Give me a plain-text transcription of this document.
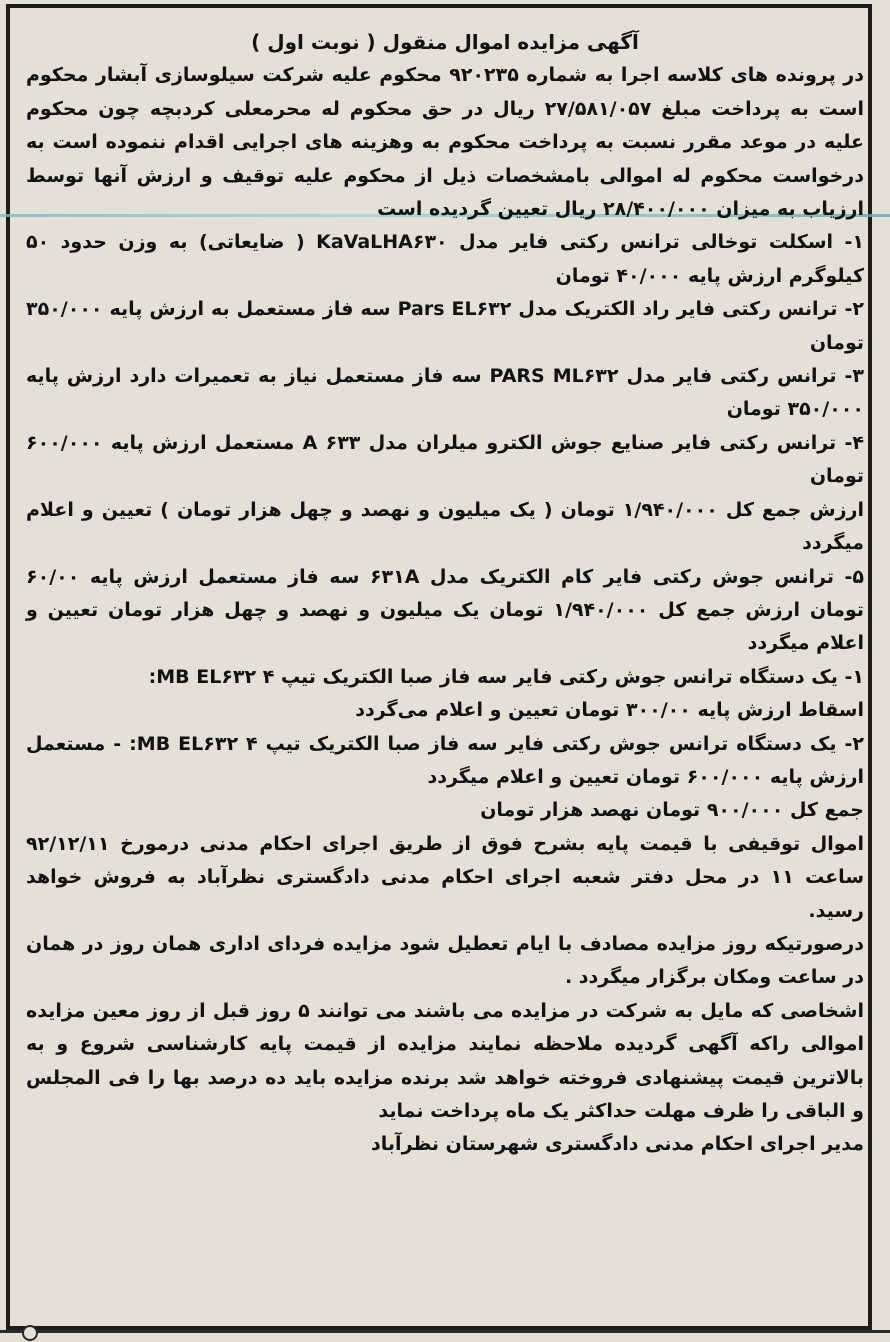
آگهی مزایده اموال منقول ( نوبت اول )

در پرونده های کلاسه اجرا به شماره ۹۲۰۲۳۵ محکوم علیه شرکت سیلوسازی آبشار محکوم است به پرداخت مبلغ ۲۷/۵۸۱/۰۵۷ ریال در حق محکوم له محرمعلی کردبچه چون محکوم علیه در موعد مقرر نسبت به پرداخت محکوم به وهزینه های اجرایی اقدام ننموده است به درخواست محکوم له اموالی بامشخصات ذیل از محکوم علیه توقیف و ارزش آنها توسط ارزیاب به میزان ۲۸/۴۰۰/۰۰۰ ریال تعیین گردیده است

۱- اسکلت توخالی ترانس رکتی فایر مدل KaVaLHA۶۳۰ ( ضایعاتی) به وزن حدود ۵۰ کیلوگرم ارزش پایه ۴۰/۰۰۰ تومان

۲- ترانس رکتی فایر راد الکتریک مدل Pars EL۶۳۲ سه فاز مستعمل به ارزش پایه ۳۵۰/۰۰۰ تومان

۳- ترانس رکتی فایر مدل PARS ML۶۳۲ سه فاز مستعمل نیاز به تعمیرات دارد ارزش پایه ۳۵۰/۰۰۰ تومان

۴- ترانس رکتی فایر صنایع جوش الکترو میلران مدل A ۶۳۳ مستعمل ارزش پایه ۶۰۰/۰۰۰ تومان

ارزش جمع کل ۱/۹۴۰/۰۰۰ تومان ( یک میلیون و نهصد و چهل هزار تومان ) تعیین و اعلام میگردد

۵- ترانس جوش رکتی فایر کام الکتریک مدل ۶۳۱A سه فاز مستعمل ارزش پایه ۶۰/۰۰ تومان ارزش جمع کل ۱/۹۴۰/۰۰۰ تومان یک میلیون و نهصد و چهل هزار تومان تعیین و اعلام میگردد

۱- یک دستگاه ترانس جوش رکتی فایر سه فاز صبا الکتریک تیپ MB EL۶۳۲ ۴:

اسقاط ارزش پایه ۳۰۰/۰۰ تومان تعیین و اعلام می‌گردد

۲- یک دستگاه ترانس جوش رکتی فایر سه فاز صبا الکتریک تیپ MB EL۶۳۲ ۴: - مستعمل ارزش پایه ۶۰۰/۰۰۰ تومان تعیین و اعلام میگردد

جمع کل ۹۰۰/۰۰۰ تومان نهصد هزار تومان

اموال توقیفی با قیمت پایه بشرح فوق از طریق اجرای احکام مدنی درمورخ ۹۲/۱۲/۱۱ ساعت ۱۱ در محل دفتر شعبه اجرای احکام مدنی دادگستری نظرآباد به فروش خواهد رسید.

درصورتیکه روز مزایده مصادف با ایام تعطیل شود مزایده فردای اداری همان روز در همان در ساعت ومکان برگزار میگردد .

اشخاصی که مایل به شرکت در مزایده می باشند می توانند ۵ روز قبل از روز معین مزایده اموالی راکه آگهی گردیده ملاحظه نمایند مزایده از قیمت پایه کارشناسی شروع و به بالاترین قیمت پیشنهادی فروخته خواهد شد برنده مزایده باید ده درصد بها را فی المجلس و الباقی را ظرف مهلت حداکثر یک ماه پرداخت نماید

مدیر اجرای احکام مدنی دادگستری شهرستان نظرآباد
